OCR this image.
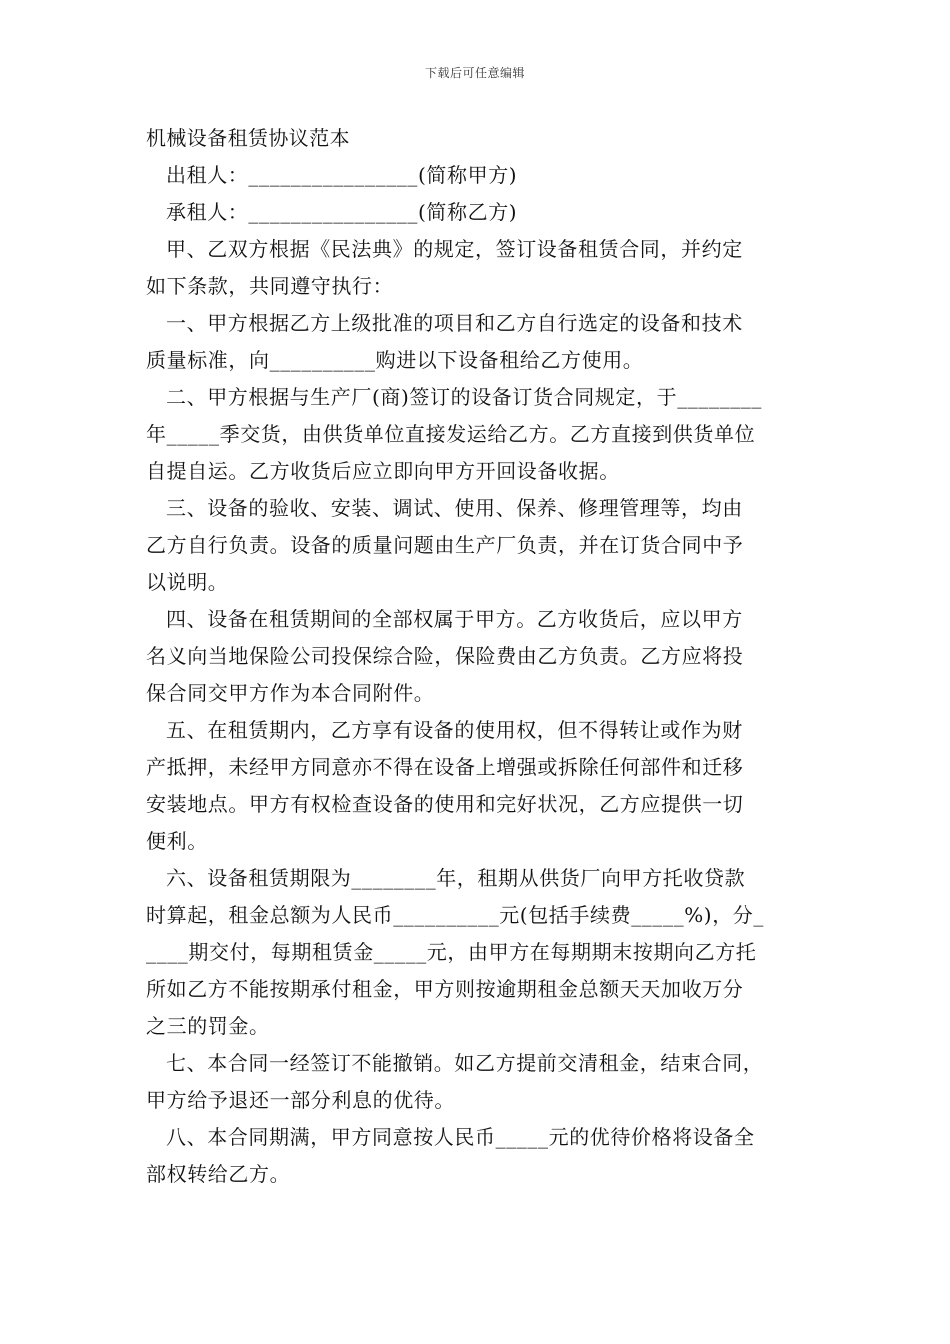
下载后可任意编辑
机械设备租赁协议范本
出租人：________________(简称甲方)
承租人：________________(简称乙方)
甲、乙双方根据《民法典》的规定，签订设备租赁合同，并约定
如下条款，共同遵守执行：
一、甲方根据乙方上级批准的项目和乙方自行选定的设备和技术
质量标准，向__________购进以下设备租给乙方使用。
二、甲方根据与生产厂(商)签订的设备订货合同规定，于________
年_____季交货，由供货单位直接发运给乙方。乙方直接到供货单位
自提自运。乙方收货后应立即向甲方开回设备收据。
三、设备的验收、安装、调试、使用、保养、修理管理等，均由
乙方自行负责。设备的质量问题由生产厂负责，并在订货合同中予
以说明。
四、设备在租赁期间的全部权属于甲方。乙方收货后，应以甲方
名义向当地保险公司投保综合险，保险费由乙方负责。乙方应将投
保合同交甲方作为本合同附件。
五、在租赁期内，乙方享有设备的使用权，但不得转让或作为财
产抵押，未经甲方同意亦不得在设备上增强或拆除任何部件和迁移
安装地点。甲方有权检查设备的使用和完好状况，乙方应提供一切
便利。
六、设备租赁期限为________年，租期从供货厂向甲方托收贷款
时算起，租金总额为人民币__________元(包括手续费_____%)，分_
____期交付，每期租赁金_____元，由甲方在每期期末按期向乙方托
所如乙方不能按期承付租金，甲方则按逾期租金总额天天加收万分
之三的罚金。
七、本合同一经签订不能撤销。如乙方提前交清租金，结束合同，
甲方给予退还一部分利息的优待。
八、本合同期满，甲方同意按人民币_____元的优待价格将设备全
部权转给乙方。
